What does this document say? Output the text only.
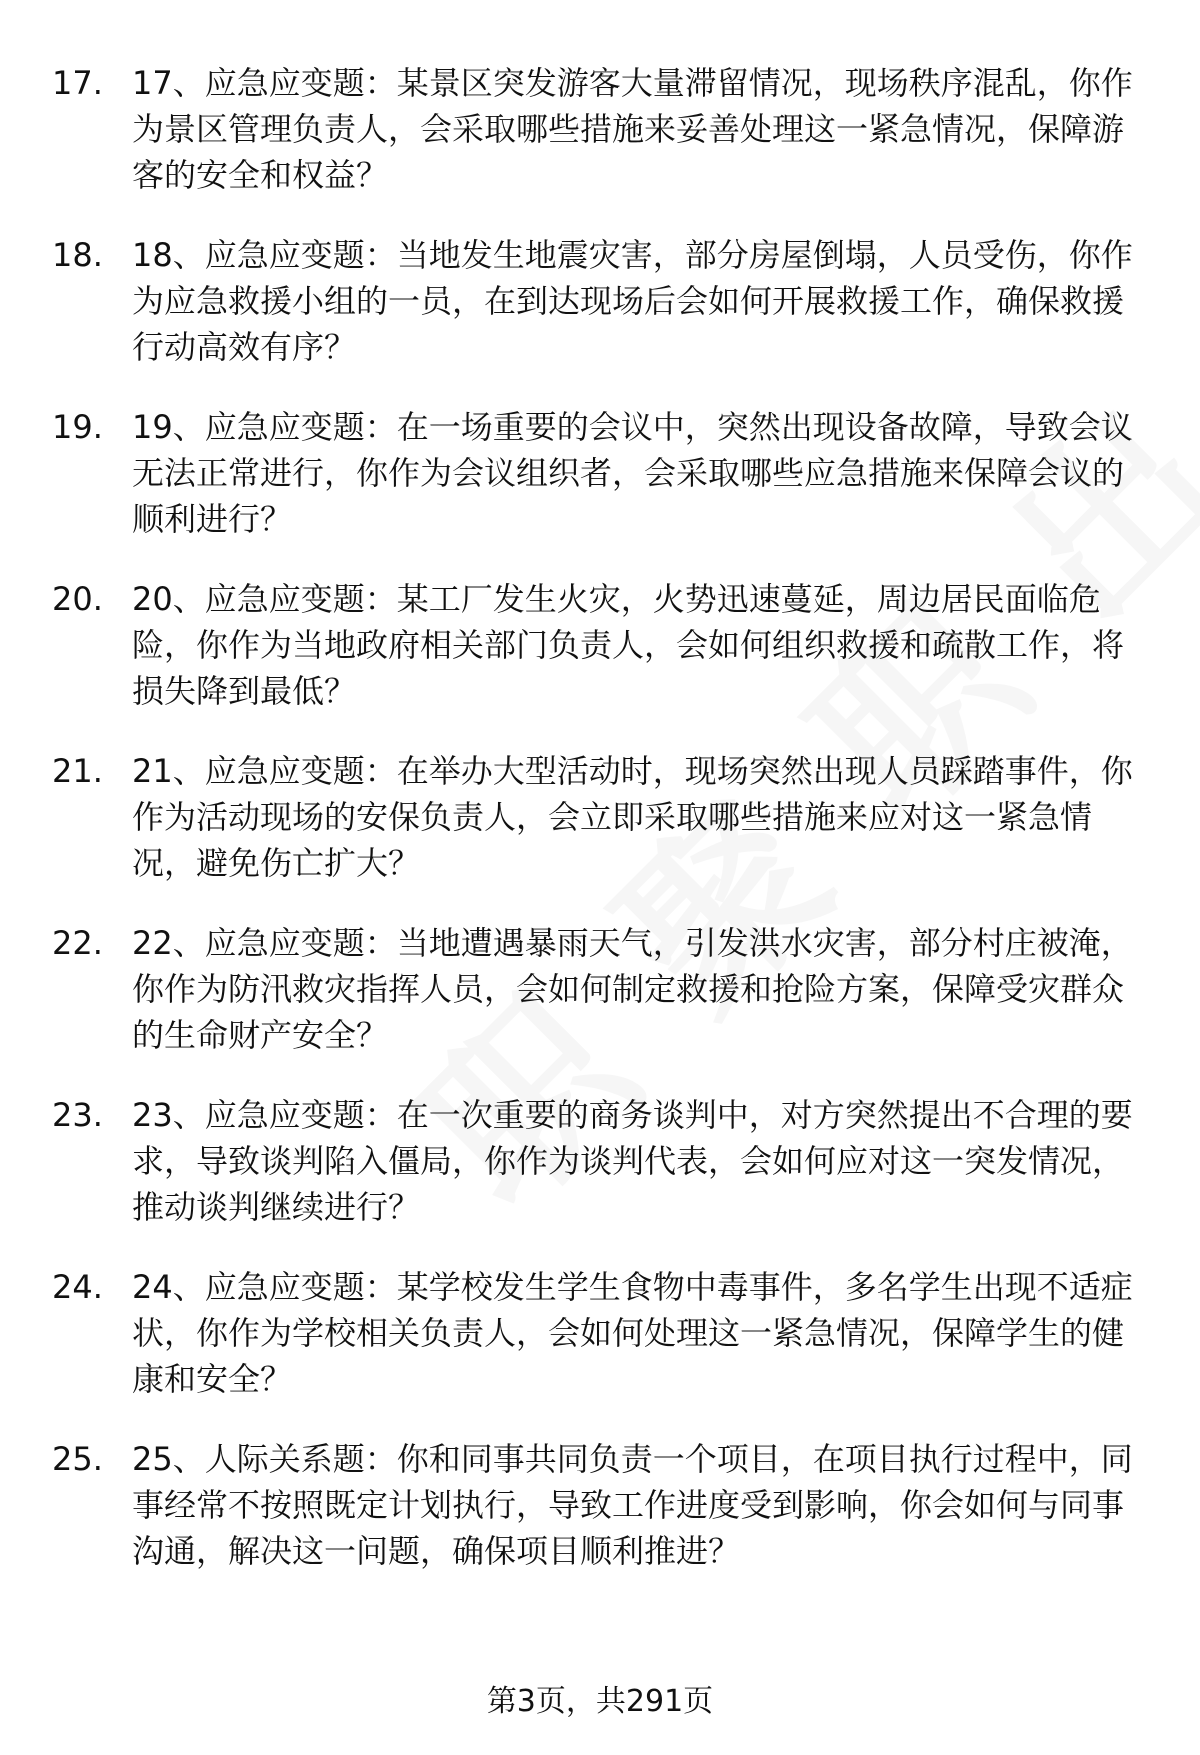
17. 17、应急应变题：某景区突发游客大量滞留情况，现场秩序混乱，你作为景区管理负责人，会采取哪些措施来妥善处理这一紧急情况，保障游客的安全和权益？
18. 18、应急应变题：当地发生地震灾害，部分房屋倒塌，人员受伤，你作为应急救援小组的一员，在到达现场后会如何开展救援工作，确保救援行动高效有序？
19. 19、应急应变题：在一场重要的会议中，突然出现设备故障，导致会议无法正常进行，你作为会议组织者，会采取哪些应急措施来保障会议的顺利进行？
20. 20、应急应变题：某工厂发生火灾，火势迅速蔓延，周边居民面临危险，你作为当地政府相关部门负责人，会如何组织救援和疏散工作，将损失降到最低？
21. 21、应急应变题：在举办大型活动时，现场突然出现人员踩踏事件，你作为活动现场的安保负责人，会立即采取哪些措施来应对这一紧急情况，避免伤亡扩大？
22. 22、应急应变题：当地遭遇暴雨天气，引发洪水灾害，部分村庄被淹，你作为防汛救灾指挥人员，会如何制定救援和抢险方案，保障受灾群众的生命财产安全？
23. 23、应急应变题：在一次重要的商务谈判中，对方突然提出不合理的要求，导致谈判陷入僵局，你作为谈判代表，会如何应对这一突发情况，推动谈判继续进行？
24. 24、应急应变题：某学校发生学生食物中毒事件，多名学生出现不适症状，你作为学校相关负责人，会如何处理这一紧急情况，保障学生的健康和安全？
25. 25、人际关系题：你和同事共同负责一个项目，在项目执行过程中，同事经常不按照既定计划执行，导致工作进度受到影响，你会如何与同事沟通，解决这一问题，确保项目顺利推进？
第3页，共291页
